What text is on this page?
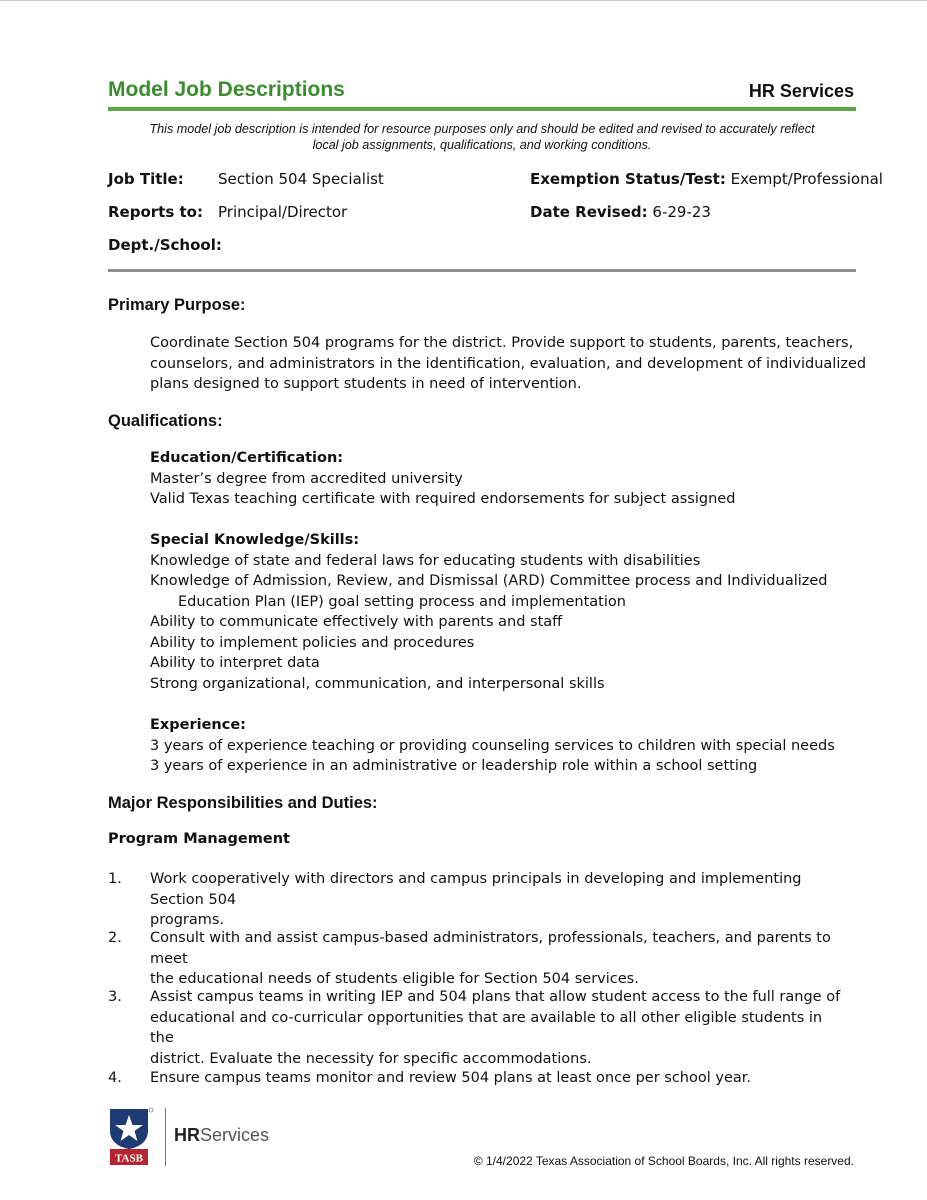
Model Job Descriptions	HR Services
This model job description is intended for resource purposes only and should be edited and revised to accurately reflect
local job assignments, qualifications, and working conditions.
Job Title: Section 504 Specialist	Exemption Status/Test: Exempt/Professional
Reports to: Principal/Director	Date Revised: 6-29-23
Dept./School:
Primary Purpose:
Coordinate Section 504 programs for the district. Provide support to students, parents, teachers,
counselors, and administrators in the identification, evaluation, and development of individualized
plans designed to support students in need of intervention.
Qualifications:
Education/Certification:
Master’s degree from accredited university
Valid Texas teaching certificate with required endorsements for subject assigned
Special Knowledge/Skills:
Knowledge of state and federal laws for educating students with disabilities
Knowledge of Admission, Review, and Dismissal (ARD) Committee process and Individualized
Education Plan (IEP) goal setting process and implementation
Ability to communicate effectively with parents and staff
Ability to implement policies and procedures
Ability to interpret data
Strong organizational, communication, and interpersonal skills
Experience:
3 years of experience teaching or providing counseling services to children with special needs
3 years of experience in an administrative or leadership role within a school setting
Major Responsibilities and Duties:
Program Management
1. Work cooperatively with directors and campus principals in developing and implementing Section 504
programs.
2. Consult with and assist campus-based administrators, professionals, teachers, and parents to meet
the educational needs of students eligible for Section 504 services.
3. Assist campus teams in writing IEP and 504 plans that allow student access to the full range of
educational and co-curricular opportunities that are available to all other eligible students in the
district. Evaluate the necessity for specific accommodations.
4. Ensure campus teams monitor and review 504 plans at least once per school year.
TASB
HRServices
© 1/4/2022 Texas Association of School Boards, Inc. All rights reserved.
